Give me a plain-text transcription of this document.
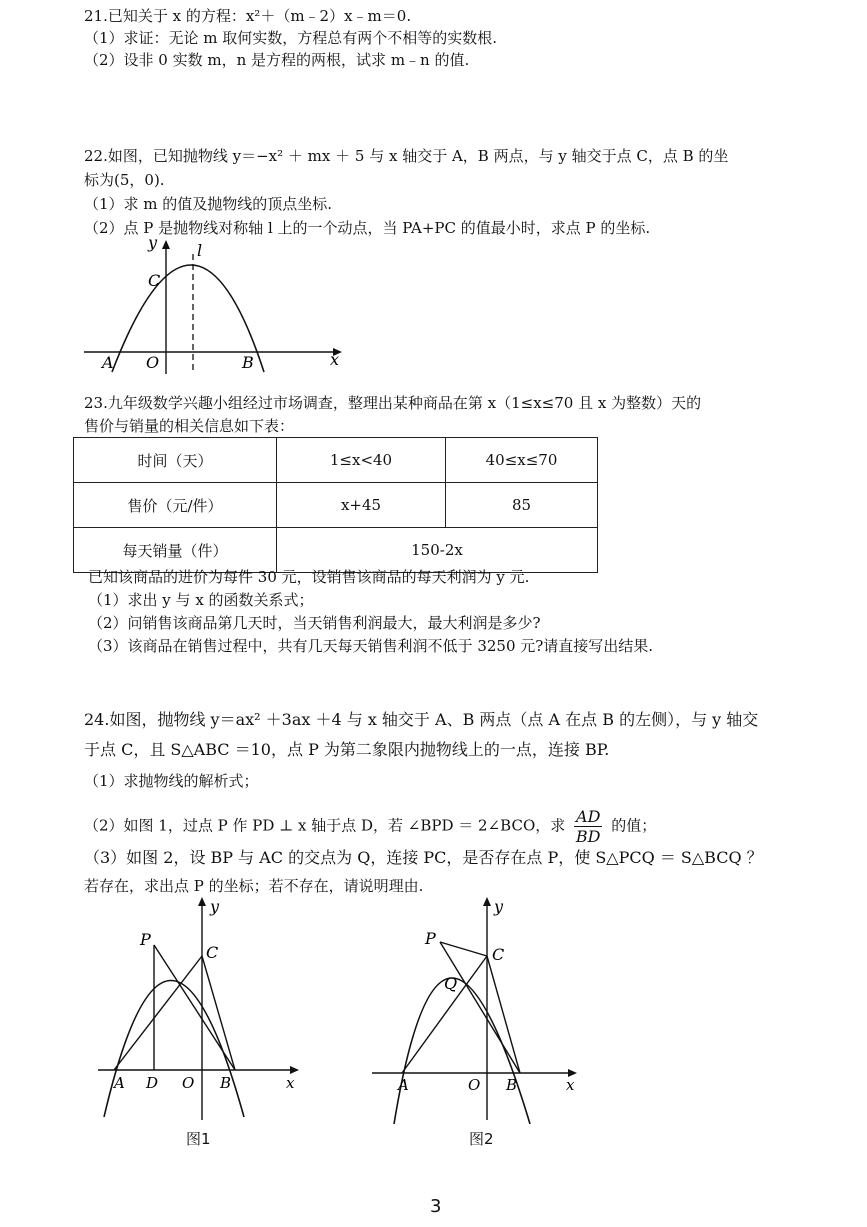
21.已知关于 x 的方程：x²＋（m﹣2）x﹣m＝0.
（1）求证：无论 m 取何实数，方程总有两个不相等的实数根.
（2）设非 0 实数 m，n 是方程的两根，试求 m﹣n 的值.
22.如图，已知抛物线 y＝−x² ＋ mx ＋ 5 与 x 轴交于 A，B 两点，与 y 轴交于点 C，点 B 的坐
标为(5，0).
（1）求 m 的值及抛物线的顶点坐标.
（2）点 P 是抛物线对称轴 l 上的一个动点，当 PA+PC 的值最小时，求点 P 的坐标.
y l
C
A O	B	x
23.九年级数学兴趣小组经过市场调查，整理出某种商品在第 x（1≤x≤70 且 x 为整数）天的
售价与销量的相关信息如下表：
时间（天）	1≤x<40	40≤x≤70
售价（元/件）	x+45	85
每天销量（件）	150-2x	
已知该商品的进价为每件 30 元，设销售该商品的每天利润为 y 元.
（1）求出 y 与 x 的函数关系式；
（2）问销售该商品第几天时，当天销售利润最大，最大利润是多少?
（3）该商品在销售过程中，共有几天每天销售利润不低于 3250 元?请直接写出结果.
24.如图，抛物线 y＝ax² ＋3ax ＋4 与 x 轴交于 A、B 两点（点 A 在点 B 的左侧），与 y 轴交
于点 C，且 S△ABC ＝10，点 P 为第二象限内抛物线上的一点，连接 BP.
（1）求抛物线的解析式；
（2）如图 1，过点 P 作 PD ⊥ x 轴于点 D，若 ∠BPD ＝ 2∠BCO，求 $\frac{AD}{BD}$ 的值；
（3）如图 2，设 BP 与 AC 的交点为 Q，连接 PC，是否存在点 P，使 S△PCQ ＝ S△BCQ ？
若存在，求出点 P 的坐标；若不存在，请说明理由.
y
P
C
A D O B	x
图1
y
P
C
Q
A	O B	x
图2
3
